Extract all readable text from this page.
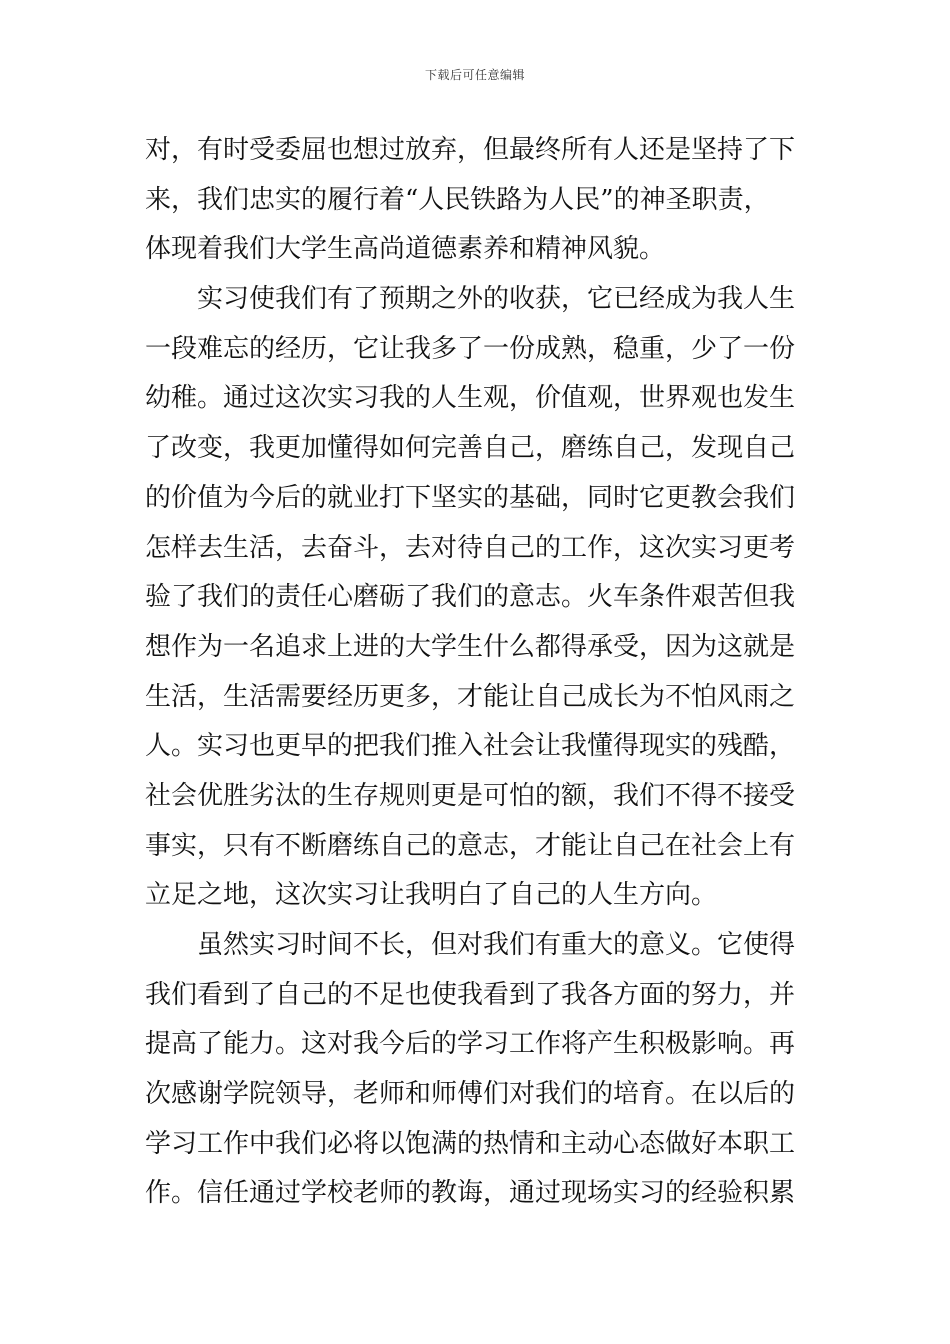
下载后可任意编辑
对，有时受委屈也想过放弃，但最终所有人还是坚持了下
来，我们忠实的履行着“人民铁路为人民”的神圣职责，
体现着我们大学生高尚道德素养和精神风貌。
实习使我们有了预期之外的收获，它已经成为我人生
一段难忘的经历，它让我多了一份成熟，稳重，少了一份
幼稚。通过这次实习我的人生观，价值观，世界观也发生
了改变，我更加懂得如何完善自己，磨练自己，发现自己
的价值为今后的就业打下坚实的基础，同时它更教会我们
怎样去生活，去奋斗，去对待自己的工作，这次实习更考
验了我们的责任心磨砺了我们的意志。火车条件艰苦但我
想作为一名追求上进的大学生什么都得承受，因为这就是
生活，生活需要经历更多，才能让自己成长为不怕风雨之
人。实习也更早的把我们推入社会让我懂得现实的残酷，
社会优胜劣汰的生存规则更是可怕的额，我们不得不接受
事实，只有不断磨练自己的意志，才能让自己在社会上有
立足之地，这次实习让我明白了自己的人生方向。
虽然实习时间不长，但对我们有重大的意义。它使得
我们看到了自己的不足也使我看到了我各方面的努力，并
提高了能力。这对我今后的学习工作将产生积极影响。再
次感谢学院领导，老师和师傅们对我们的培育。在以后的
学习工作中我们必将以饱满的热情和主动心态做好本职工
作。信任通过学校老师的教诲，通过现场实习的经验积累
